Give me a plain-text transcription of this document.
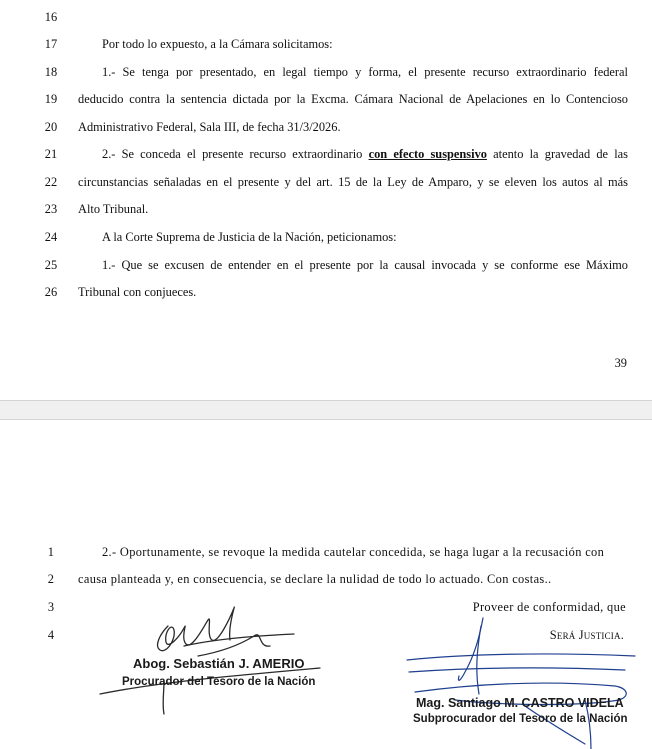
16
17	Por todo lo expuesto, a la Cámara solicitamos:
18	1.- Se tenga por presentado, en legal tiempo y forma, el presente recurso extraordinario federal
19	deducido contra la sentencia dictada por la Excma. Cámara Nacional de Apelaciones en lo Contencioso
20	Administrativo Federal, Sala III, de fecha 31/3/2026.
21	2.- Se conceda el presente recurso extraordinario con efecto suspensivo atento la gravedad de las
22	circunstancias señaladas en el presente y del art. 15 de la Ley de Amparo, y se eleven los autos al más
23	Alto Tribunal.
24	A la Corte Suprema de Justicia de la Nación, peticionamos:
25	1.- Que se excusen de entender en el presente por la causal invocada y se conforme ese Máximo
26	Tribunal con conjueces.
39
1	2.- Oportunamente, se revoque la medida cautelar concedida, se haga lugar a la recusación con
2	causa planteada y, en consecuencia, se declare la nulidad de todo lo actuado. Con costas..
3	Proveer de conformidad, que
4	Será Justicia.
Abog. Sebastián J. AMERIO
Procurador del Tesoro de la Nación
Mag. Santiago M. CASTRO VIDELA
Subprocurador del Tesoro de la Nación
